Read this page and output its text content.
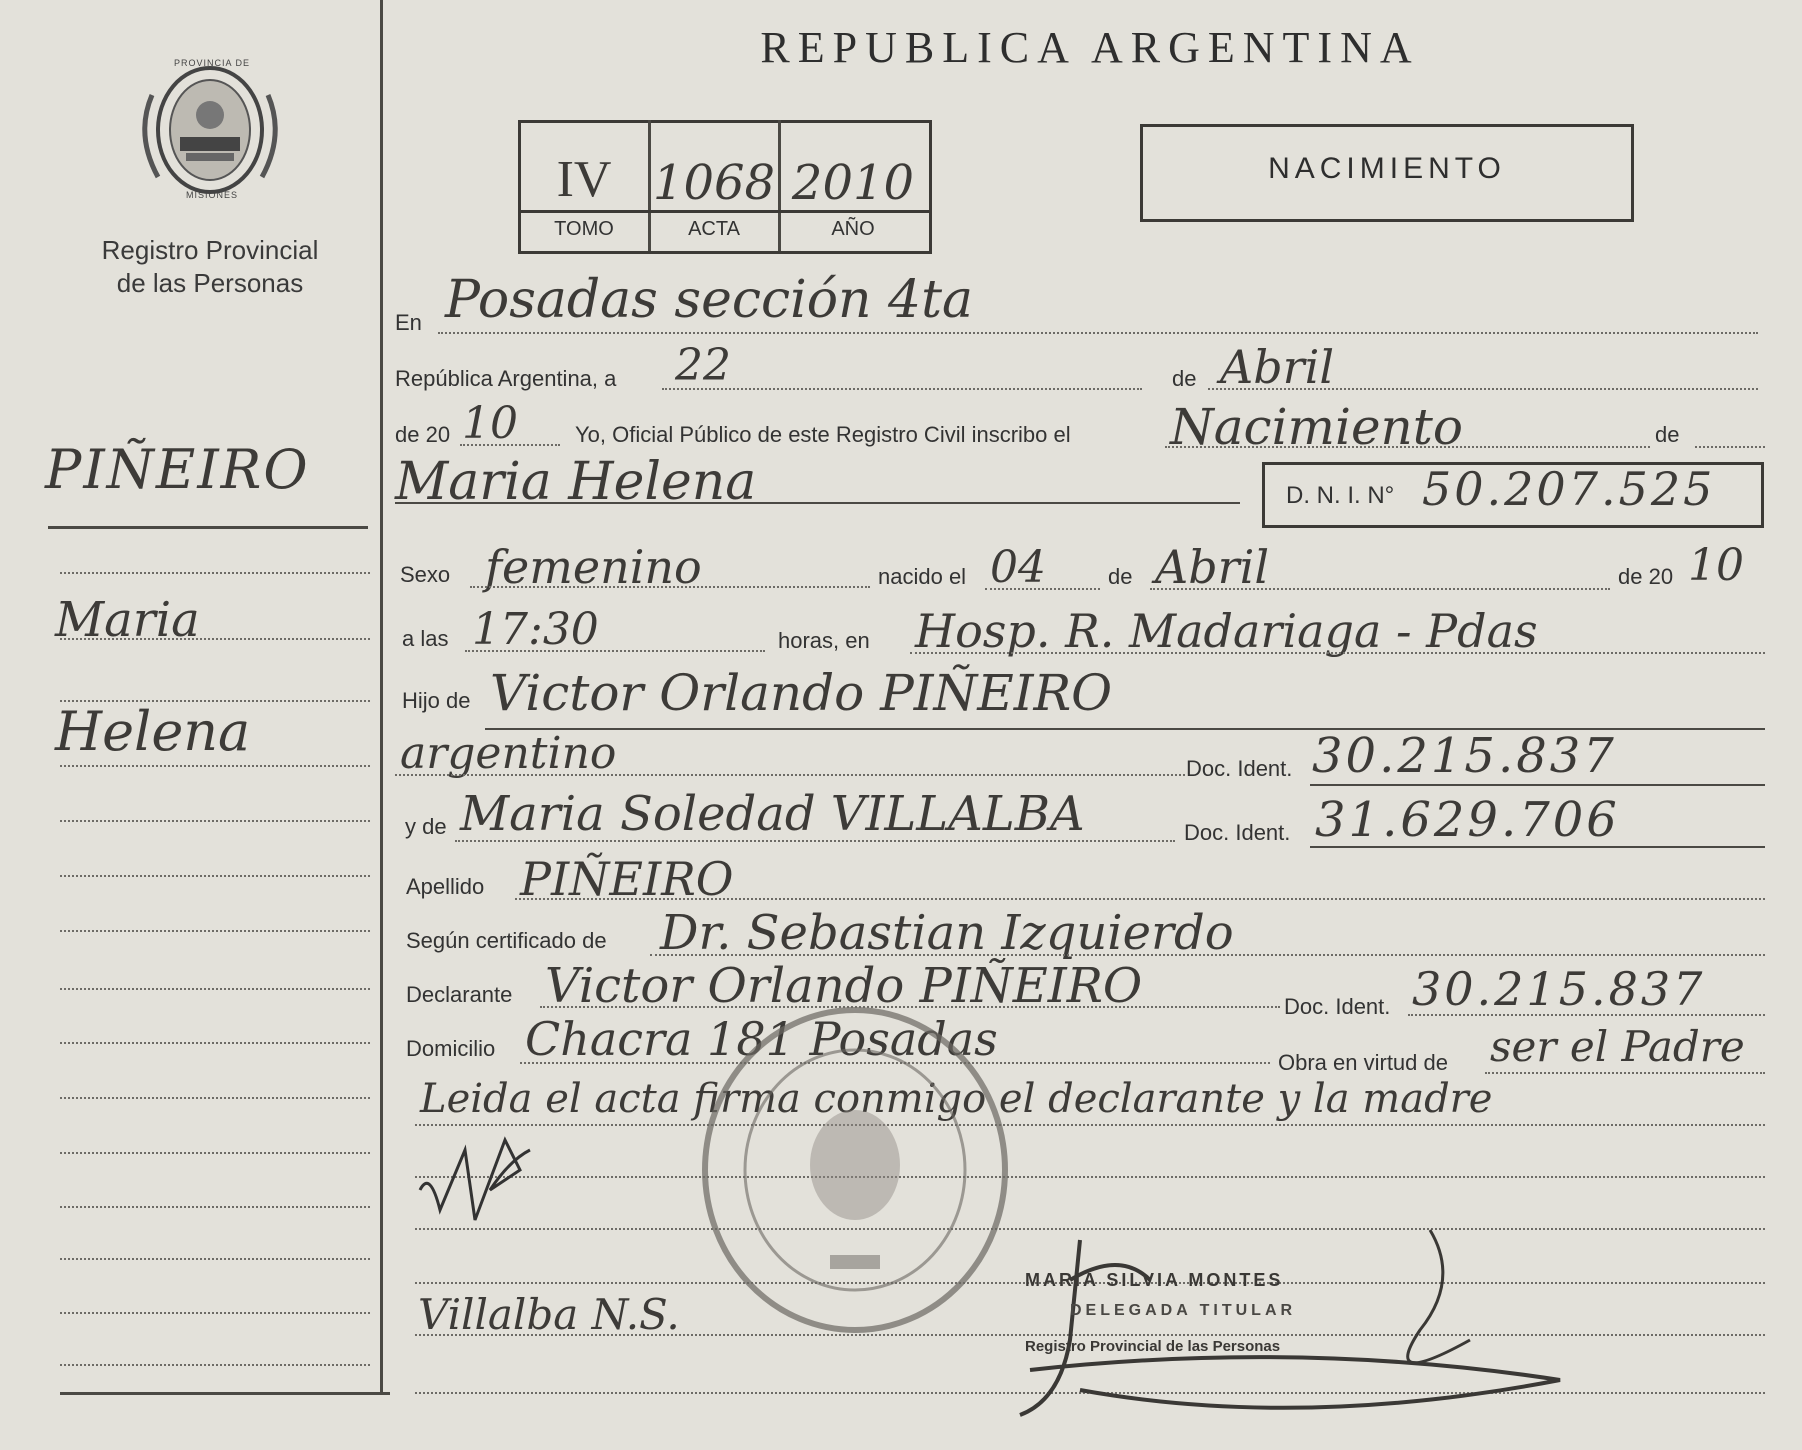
PROVINCIA DE
MISIONES
Registro Provincial
de las Personas
PIÑEIRO
Maria
Helena
REPUBLICA ARGENTINA
IV 1068 2010
TOMO	ACTA	AÑO
NACIMIENTO
En Posadas sección 4ta
República Argentina, a 22	de Abril
de 20 10	Yo, Oficial Público de este Registro Civil inscribo el Nacimiento	de
Maria Helena	D. N. I. N° 50.207.525
Sexo femenino	nacido el 04	de Abril	de 20 10
a las 17:30	horas, en Hosp. R. Madariaga - Pdas
Hijo de Victor Orlando PIÑEIRO
argentino	Doc. Ident. 30.215.837
y de Maria Soledad VILLALBA	Doc. Ident. 31.629.706
Apellido PIÑEIRO
Según certificado de Dr. Sebastian Izquierdo
Declarante Victor Orlando PIÑEIRO	Doc. Ident. 30.215.837
Domicilio Chacra 181 Posadas	Obra en virtud de ser el Padre
Leida el acta firma conmigo el declarante y la madre
Villalba N.S.
MARIA SILVIA MONTES
DELEGADA TITULAR
Registro Provincial de las Personas
